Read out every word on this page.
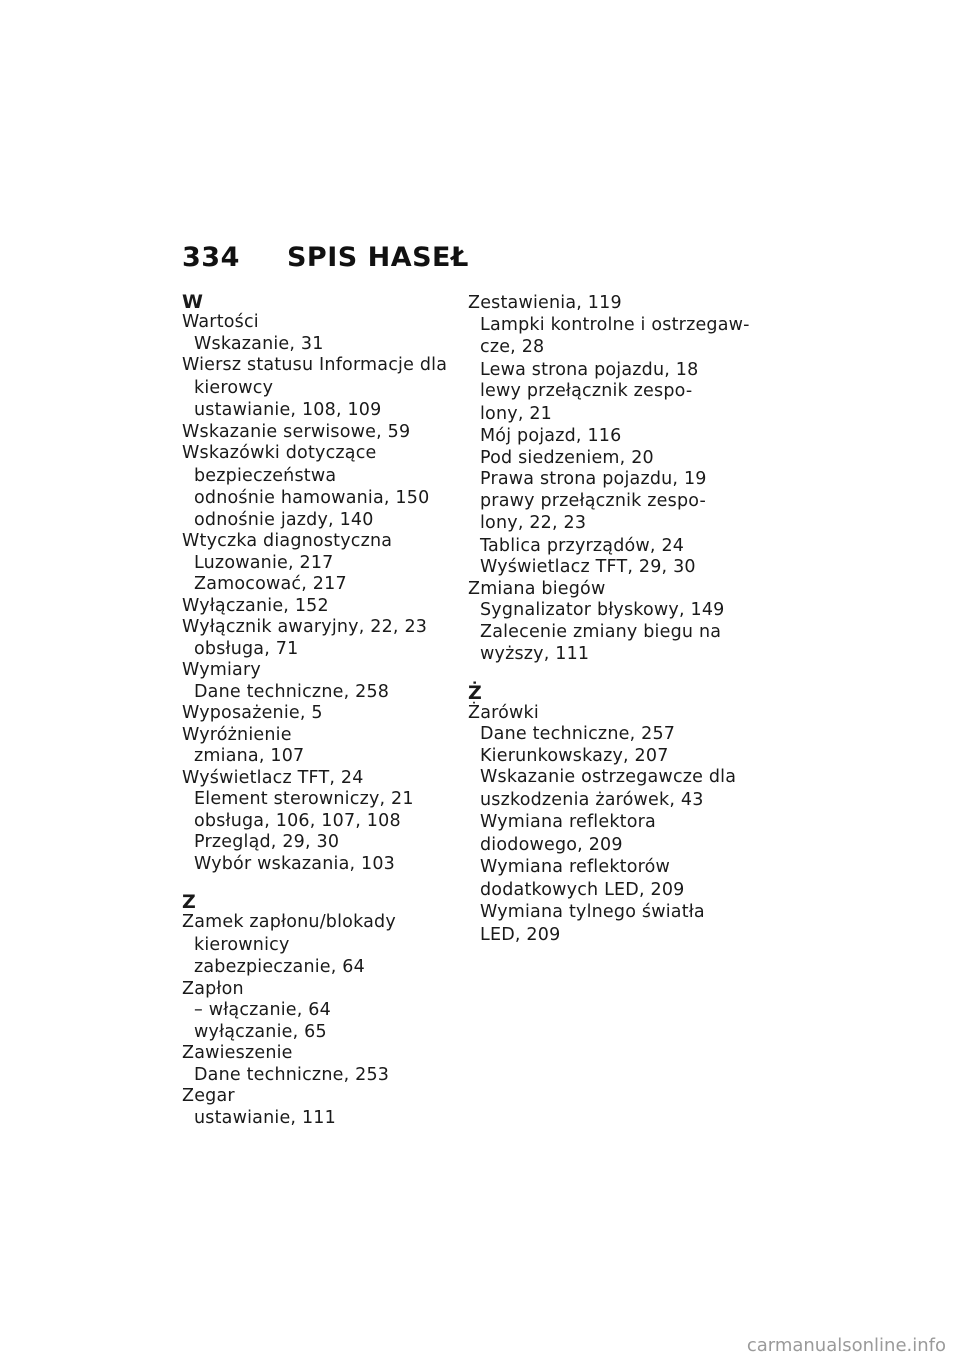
334 SPIS HASEŁ
W
Wartości
Wskazanie, 31
Wiersz statusu Informacje dla
kierowcy
ustawianie, 108, 109
Wskazanie serwisowe, 59
Wskazówki dotyczące
bezpieczeństwa
odnośnie hamowania, 150
odnośnie jazdy, 140
Wtyczka diagnostyczna
Luzowanie, 217
Zamocować, 217
Wyłączanie, 152
Wyłącznik awaryjny, 22, 23
obsługa, 71
Wymiary
Dane techniczne, 258
Wyposażenie, 5
Wyróżnienie
zmiana, 107
Wyświetlacz TFT, 24
Element sterowniczy, 21
obsługa, 106, 107, 108
Przegląd, 29, 30
Wybór wskazania, 103
Z
Zamek zapłonu/blokady
kierownicy
zabezpieczanie, 64
Zapłon
– włączanie, 64
wyłączanie, 65
Zawieszenie
Dane techniczne, 253
Zegar
ustawianie, 111
Zestawienia, 119
Lampki kontrolne i ostrzegaw-
cze, 28
Lewa strona pojazdu, 18
lewy przełącznik zespo-
lony, 21
Mój pojazd, 116
Pod siedzeniem, 20
Prawa strona pojazdu, 19
prawy przełącznik zespo-
lony, 22, 23
Tablica przyrządów, 24
Wyświetlacz TFT, 29, 30
Zmiana biegów
Sygnalizator błyskowy, 149
Zalecenie zmiany biegu na
wyższy, 111
Ż
Żarówki
Dane techniczne, 257
Kierunkowskazy, 207
Wskazanie ostrzegawcze dla
uszkodzenia żarówek, 43
Wymiana reflektora
diodowego, 209
Wymiana reflektorów
dodatkowych LED, 209
Wymiana tylnego światła
LED, 209
carmanualsonline.info
